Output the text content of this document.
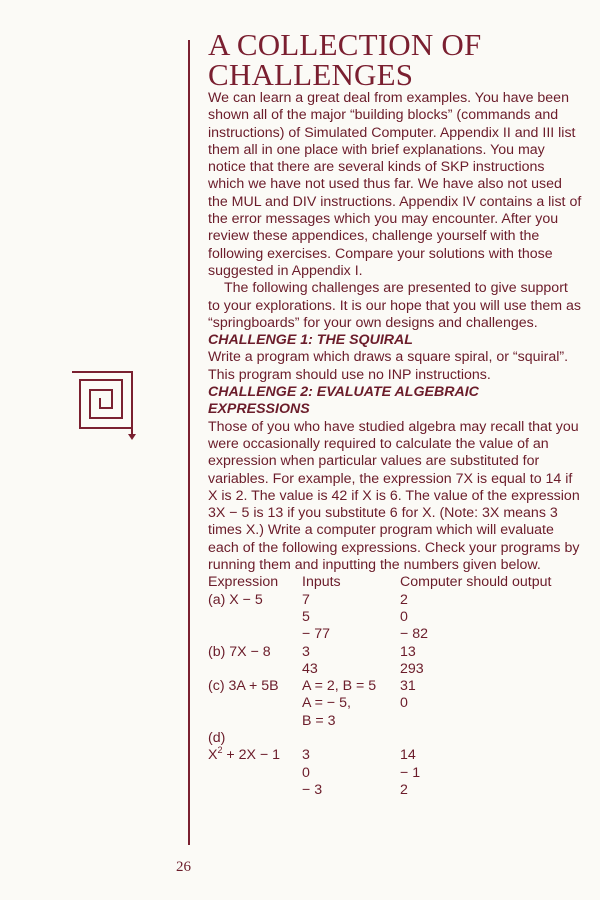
A COLLECTION OF CHALLENGES

We can learn a great deal from examples. You have been shown all of the major “building blocks” (commands and instructions) of Simulated Computer. Appendix II and III list them all in one place with brief explanations. You may notice that there are several kinds of SKP instructions which we have not used thus far. We have also not used the MUL and DIV instructions. Appendix IV contains a list of the error messages which you may encounter. After you review these appendices, challenge yourself with the following exercises. Compare your solutions with those suggested in Appendix I.

The following challenges are presented to give support to your explorations. It is our hope that you will use them as “springboards” for your own designs and challenges.

CHALLENGE 1: THE SQUIRAL

Write a program which draws a square spiral, or “squiral”. This program should use no INP instructions.

CHALLENGE 2: EVALUATE ALGEBRAIC EXPRESSIONS

Those of you who have studied algebra may recall that you were occasionally required to calculate the value of an expression when particular values are substituted for variables. For example, the expression 7X is equal to 14 if X is 2. The value is 42 if X is 6. The value of the expression 3X − 5 is 13 if you substitute 6 for X. (Note: 3X means 3 times X.) Write a computer program which will evaluate each of the following expressions. Check your programs by running them and inputting the numbers given below.

Expression	Inputs	Computer should output
(a) X − 5	7	2
	5	0
	− 77	− 82
(b) 7X − 8	3	13
	43	293
(c) 3A + 5B	A = 2, B = 5	31
	A = − 5,	0
	B = 3	
(d)		
$X^2 + 2X - 1$	3	14
	0	− 1
	− 3	2
26
